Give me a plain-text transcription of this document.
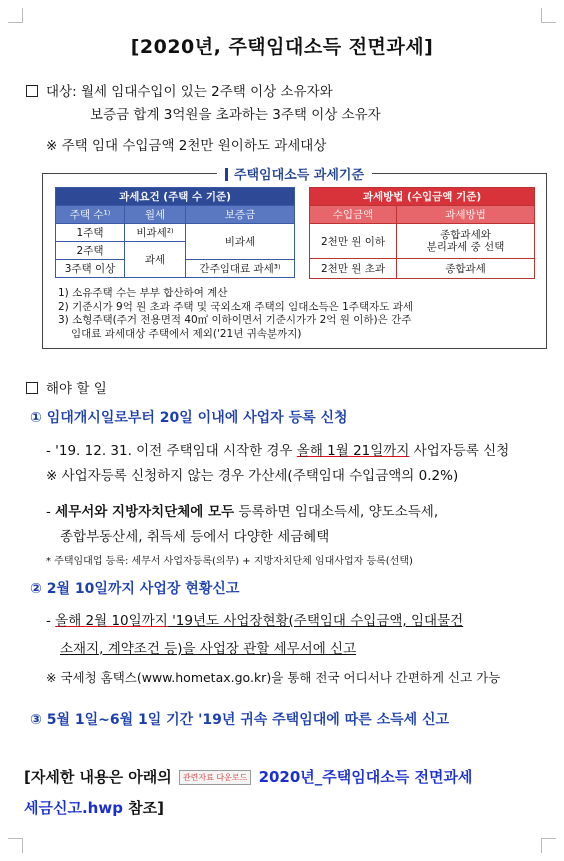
[2020년, 주택임대소득 전면과세]
대상: 월세 임대수입이 있는 2주택 이상 소유자와
보증금 합계 3억원을 초과하는 3주택 이상 소유자
※ 주택 임대 수입금액 2천만 원이하도 과세대상
주택임대소득 과세기준
과세요건 (주택 수 기준)		
주택 수¹⁾	월세	보증금
1주택	비과세²⁾	비과세
2주택	과세	
3주택 이상		간주임대료 과세³⁾
과세방법 (수입금액 기준)	
수입금액	과세방법
2천만 원 이하	종합과세와
분리과세 중 선택
2천만 원 초과	종합과세
1) 소유주택 수는 부부 합산하여 계산
2) 기준시가 9억 원 초과 주택 및 국외소재 주택의 임대소득은 1주택자도 과세
3) 소형주택(주거 전용면적 40㎡ 이하이면서 기준시가가 2억 원 이하)은 간주
임대료 과세대상 주택에서 제외('21년 귀속분까지)
해야 할 일
① 임대개시일로부터 20일 이내에 사업자 등록 신청
- '19. 12. 31. 이전 주택임대 시작한 경우 올해 1월 21일까지 사업자등록 신청
※ 사업자등록 신청하지 않는 경우 가산세(주택임대 수입금액의 0.2%)
- 세무서와 지방자치단체에 모두 등록하면 임대소득세, 양도소득세,
종합부동산세, 취득세 등에서 다양한 세금혜택
* 주택임대업 등록: 세무서 사업자등록(의무) + 지방자치단체 임대사업자 등록(선택)
② 2월 10일까지 사업장 현황신고
- 올해 2월 10일까지 '19년도 사업장현황(주택임대 수입금액, 임대물건
소재지, 계약조건 등)을 사업장 관할 세무서에 신고
※ 국세청 홈택스(www.hometax.go.kr)을 통해 전국 어디서나 간편하게 신고 가능
③ 5월 1일~6월 1일 기간 '19년 귀속 주택임대에 따른 소득세 신고
[자세한 내용은 아래의 관련자료 다운로드 2020년_주택임대소득 전면과세
세금신고.hwp 참조]
